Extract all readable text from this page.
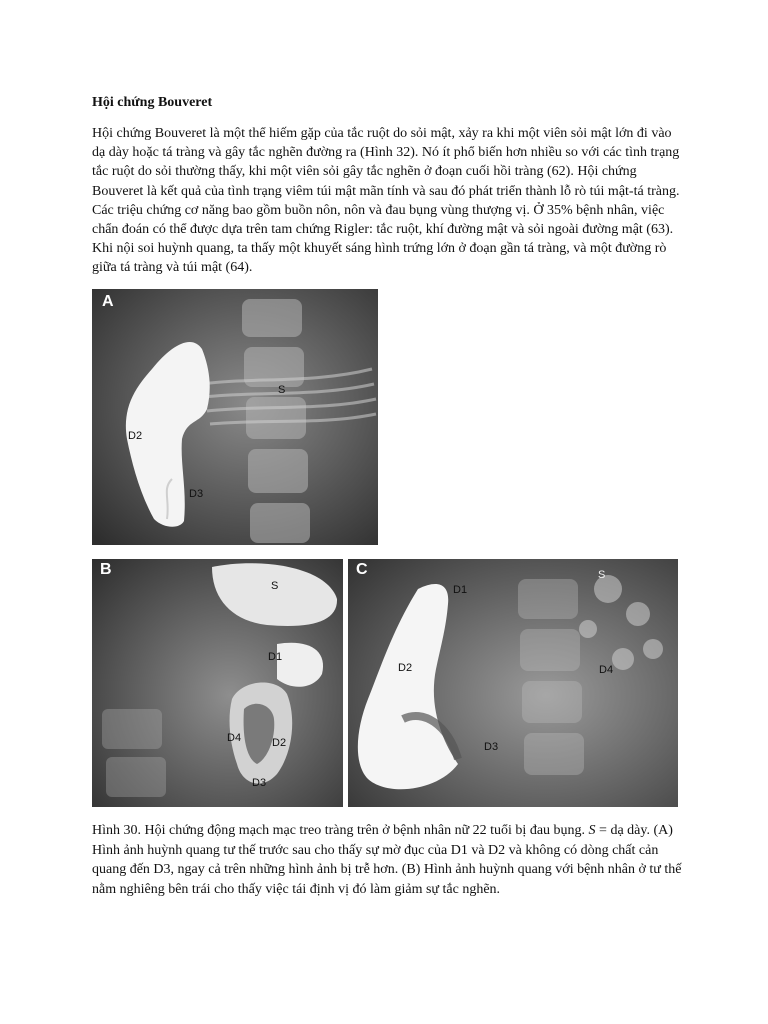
Hội chứng Bouveret

Hội chứng Bouveret là một thể hiếm gặp của tắc ruột do sỏi mật, xảy ra khi một viên sỏi mật lớn đi vào dạ dày hoặc tá tràng và gây tắc nghẽn đường ra (Hình 32). Nó ít phổ biến hơn nhiều so với các tình trạng tắc ruột do sỏi thường thấy, khi một viên sỏi gây tắc nghẽn ở đoạn cuối hồi tràng (62). Hội chứng Bouveret là kết quả của tình trạng viêm túi mật mãn tính và sau đó phát triển thành lỗ rò túi mật-tá tràng. Các triệu chứng cơ năng bao gồm buồn nôn, nôn và đau bụng vùng thượng vị. Ở 35% bệnh nhân, việc chẩn đoán có thể được dựa trên tam chứng Rigler: tắc ruột, khí đường mật và sỏi ngoài đường mật (63). Khi nội soi huỳnh quang, ta thấy một khuyết sáng hình trứng lớn ở đoạn gần tá tràng, và một đường rò giữa tá tràng và túi mật (64).

A
S
D2
D3
B
S
D1
D4	D2
D3
C
D1
S
D2	D4
D3

Hình 30. Hội chứng động mạch mạc treo tràng trên ở bệnh nhân nữ 22 tuổi bị đau bụng. S = dạ dày. (A) Hình ảnh huỳnh quang tư thế trước sau cho thấy sự mờ đục của D1 và D2 và không có dòng chất cản quang đến D3, ngay cả trên những hình ảnh bị trễ hơn. (B) Hình ảnh huỳnh quang với bệnh nhân ở tư thế nằm nghiêng bên trái cho thấy việc tái định vị đó làm giảm sự tắc nghẽn.
